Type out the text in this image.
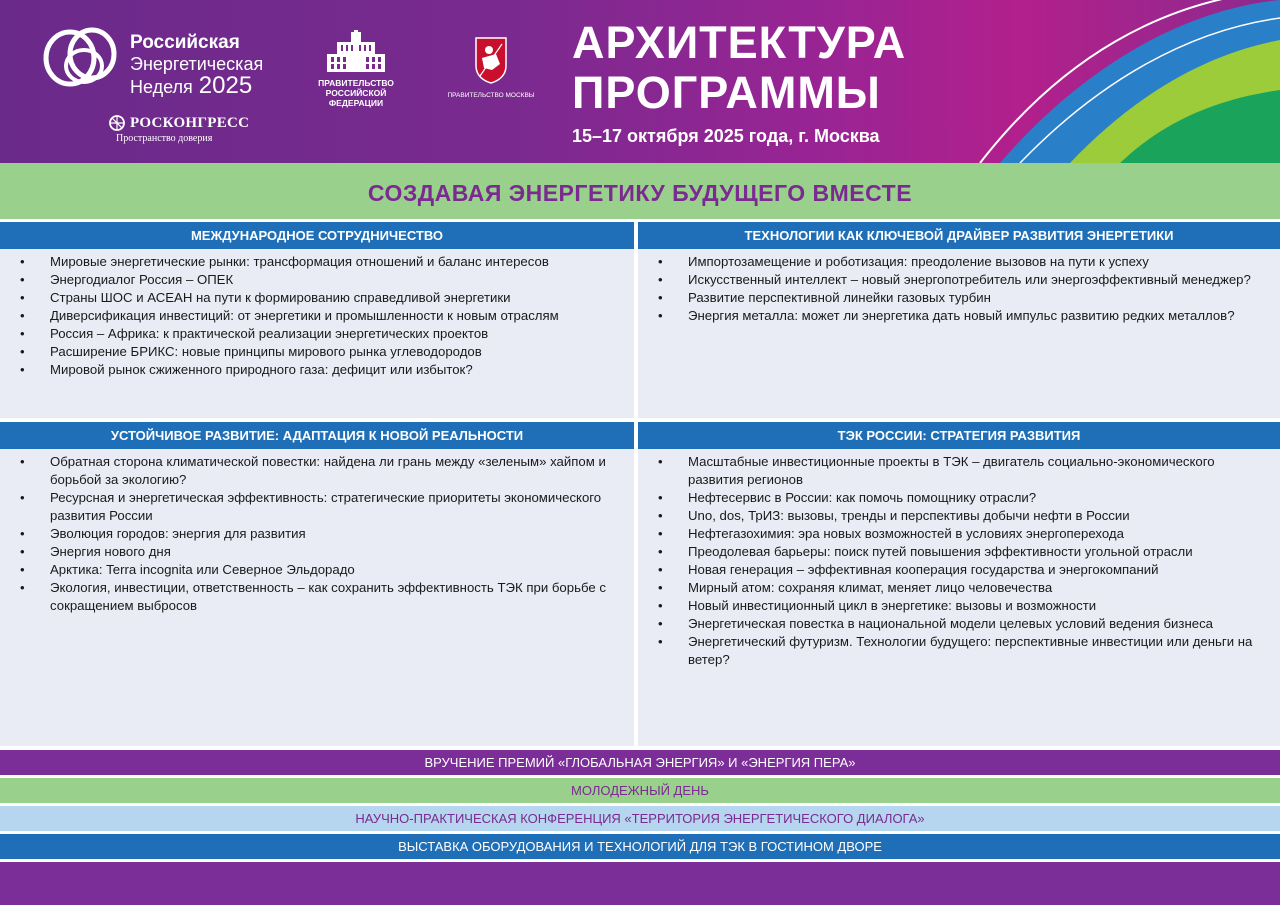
Российская
Энергетическая
Неделя 2025
РОСКОНГРЕСС
Пространство доверия
ПРАВИТЕЛЬСТВО
РОССИЙСКОЙ
ФЕДЕРАЦИИ
ПРАВИТЕЛЬСТВО МОСКВЫ
АРХИТЕКТУРА
ПРОГРАММЫ
15–17 октября 2025 года, г. Москва
СОЗДАВАЯ ЭНЕРГЕТИКУ БУДУЩЕГО ВМЕСТЕ
МЕЖДУНАРОДНОЕ СОТРУДНИЧЕСТВО
• Мировые энергетические рынки: трансформация отношений и баланс интересов
• Энергодиалог Россия – ОПЕК
• Страны ШОС и АСЕАН на пути к формированию справедливой энергетики
• Диверсификация инвестиций: от энергетики и промышленности к новым отраслям
• Россия – Африка: к практической реализации энергетических проектов
• Расширение БРИКС: новые принципы мирового рынка углеводородов
• Мировой рынок сжиженного природного газа: дефицит или избыток?
ТЕХНОЛОГИИ КАК КЛЮЧЕВОЙ ДРАЙВЕР РАЗВИТИЯ ЭНЕРГЕТИКИ
• Импортозамещение и роботизация: преодоление вызовов на пути к успеху
• Искусственный интеллект – новый энергопотребитель или энергоэффективный менеджер?
• Развитие перспективной линейки газовых турбин
• Энергия металла: может ли энергетика дать новый импульс развитию редких металлов?
УСТОЙЧИВОЕ РАЗВИТИЕ: АДАПТАЦИЯ К НОВОЙ РЕАЛЬНОСТИ
• Обратная сторона климатической повестки: найдена ли грань между «зеленым» хайпом и борьбой за экологию?
• Ресурсная и энергетическая эффективность: стратегические приоритеты экономического развития России
• Эволюция городов: энергия для развития
• Энергия нового дня
• Арктика: Terra incognita или Северное Эльдорадо
• Экология, инвестиции, ответственность – как сохранить эффективность ТЭК при борьбе с сокращением выбросов
ТЭК РОССИИ: СТРАТЕГИЯ РАЗВИТИЯ
• Масштабные инвестиционные проекты в ТЭК – двигатель социально-экономического развития регионов
• Нефтесервис в России: как помочь помощнику отрасли?
• Uno, dos, ТрИЗ: вызовы, тренды и перспективы добычи нефти в России
• Нефтегазохимия: эра новых возможностей в условиях энергоперехода
• Преодолевая барьеры: поиск путей повышения эффективности угольной отрасли
• Новая генерация – эффективная кооперация государства и энергокомпаний
• Мирный атом: сохраняя климат, меняет лицо человечества
• Новый инвестиционный цикл в энергетике: вызовы и возможности
• Энергетическая повестка в национальной модели целевых условий ведения бизнеса
• Энергетический футуризм. Технологии будущего: перспективные инвестиции или деньги на ветер?
ВРУЧЕНИЕ ПРЕМИЙ «ГЛОБАЛЬНАЯ ЭНЕРГИЯ» И «ЭНЕРГИЯ ПЕРА»
МОЛОДЕЖНЫЙ ДЕНЬ
НАУЧНО-ПРАКТИЧЕСКАЯ КОНФЕРЕНЦИЯ «ТЕРРИТОРИЯ ЭНЕРГЕТИЧЕСКОГО ДИАЛОГА»
ВЫСТАВКА ОБОРУДОВАНИЯ И ТЕХНОЛОГИЙ ДЛЯ ТЭК В ГОСТИНОМ ДВОРЕ
